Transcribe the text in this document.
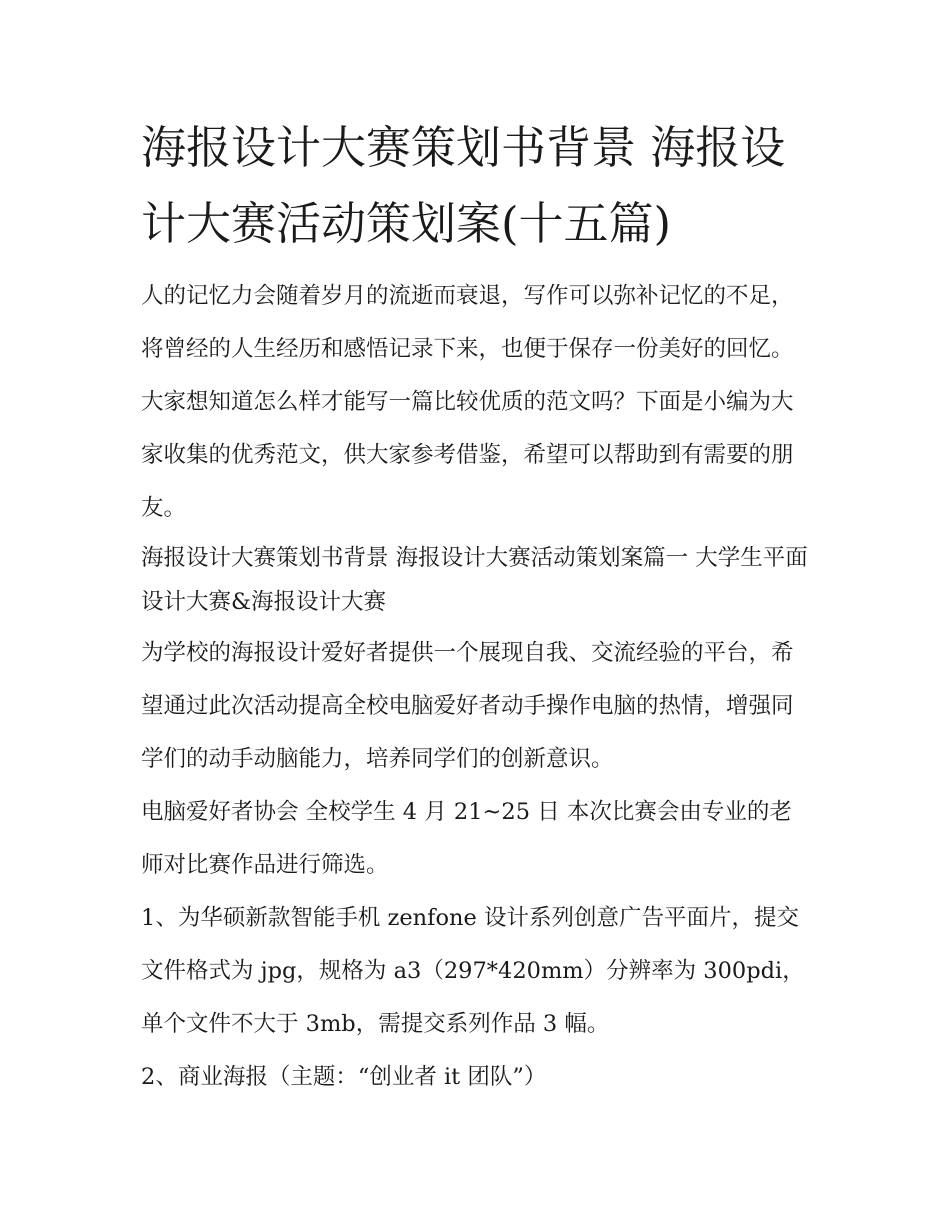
海报设计大赛策划书背景 海报设计大赛活动策划案(十五篇)

人的记忆力会随着岁月的流逝而衰退，写作可以弥补记忆的不足，将曾经的人生经历和感悟记录下来，也便于保存一份美好的回忆。大家想知道怎么样才能写一篇比较优质的范文吗？下面是小编为大家收集的优秀范文，供大家参考借鉴，希望可以帮助到有需要的朋友。

海报设计大赛策划书背景 海报设计大赛活动策划案篇一 大学生平面设计大赛&海报设计大赛

为学校的海报设计爱好者提供一个展现自我、交流经验的平台，希望通过此次活动提高全校电脑爱好者动手操作电脑的热情，增强同学们的动手动脑能力，培养同学们的创新意识。

电脑爱好者协会 全校学生 4 月 21~25 日 本次比赛会由专业的老师对比赛作品进行筛选。

1、为华硕新款智能手机 zenfone 设计系列创意广告平面片，提交文件格式为 jpg，规格为 a3（297*420mm）分辨率为 300pdi，单个文件不大于 3mb，需提交系列作品 3 幅。

2、商业海报（主题：“创业者 it 团队”）
